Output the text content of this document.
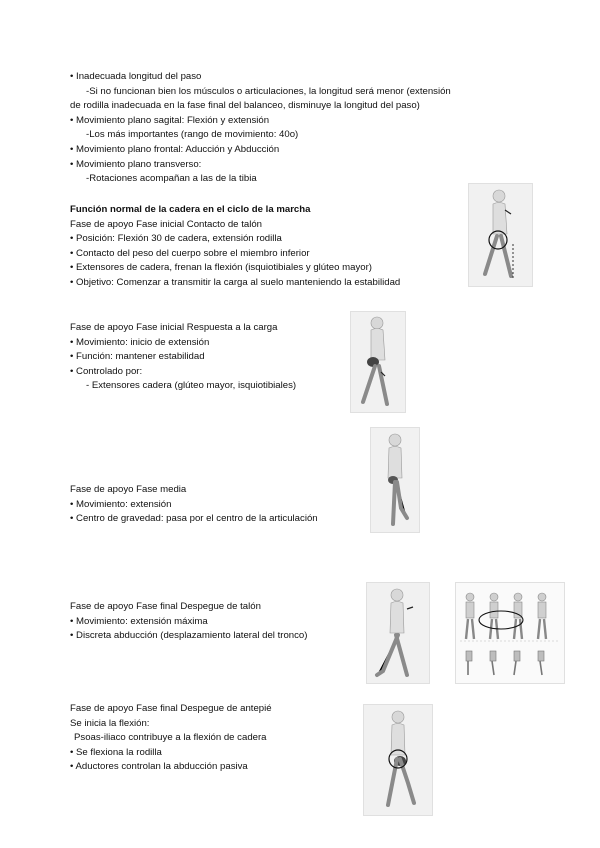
• Inadecuada longitud del paso

-Si no funcionan bien los músculos o articulaciones, la longitud será menor (extensión

de rodilla inadecuada en la fase final del balanceo, disminuye la longitud del paso)

• Movimiento plano sagital: Flexión y extensión

-Los más importantes (rango de movimiento: 40o)

• Movimiento plano frontal: Aducción y Abducción

• Movimiento plano transverso:

-Rotaciones acompañan a las de la tibia

Función normal de la cadera en el ciclo de la marcha

Fase de apoyo Fase inicial Contacto de talón

• Posición: Flexión 30 de cadera, extensión rodilla

• Contacto del peso del cuerpo sobre el miembro inferior

• Extensores de cadera, frenan la flexión (isquiotibiales y glúteo mayor)

• Objetivo: Comenzar a transmitir la carga al suelo manteniendo la estabilidad

Fase de apoyo Fase inicial Respuesta a la carga

• Movimiento: inicio de extensión

• Función: mantener estabilidad

• Controlado por:

- Extensores cadera (glúteo mayor, isquiotibiales)

Fase de apoyo Fase media

• Movimiento: extensión

• Centro de gravedad: pasa por el centro de la articulación

Fase de apoyo Fase final Despegue de talón

• Movimiento: extensión máxima

• Discreta abducción (desplazamiento lateral del tronco)

Fase de apoyo Fase final Despegue de antepié

Se inicia la flexión:

Psoas-iliaco contribuye a la flexión de cadera

• Se flexiona la rodilla

• Aductores controlan la abducción pasiva
